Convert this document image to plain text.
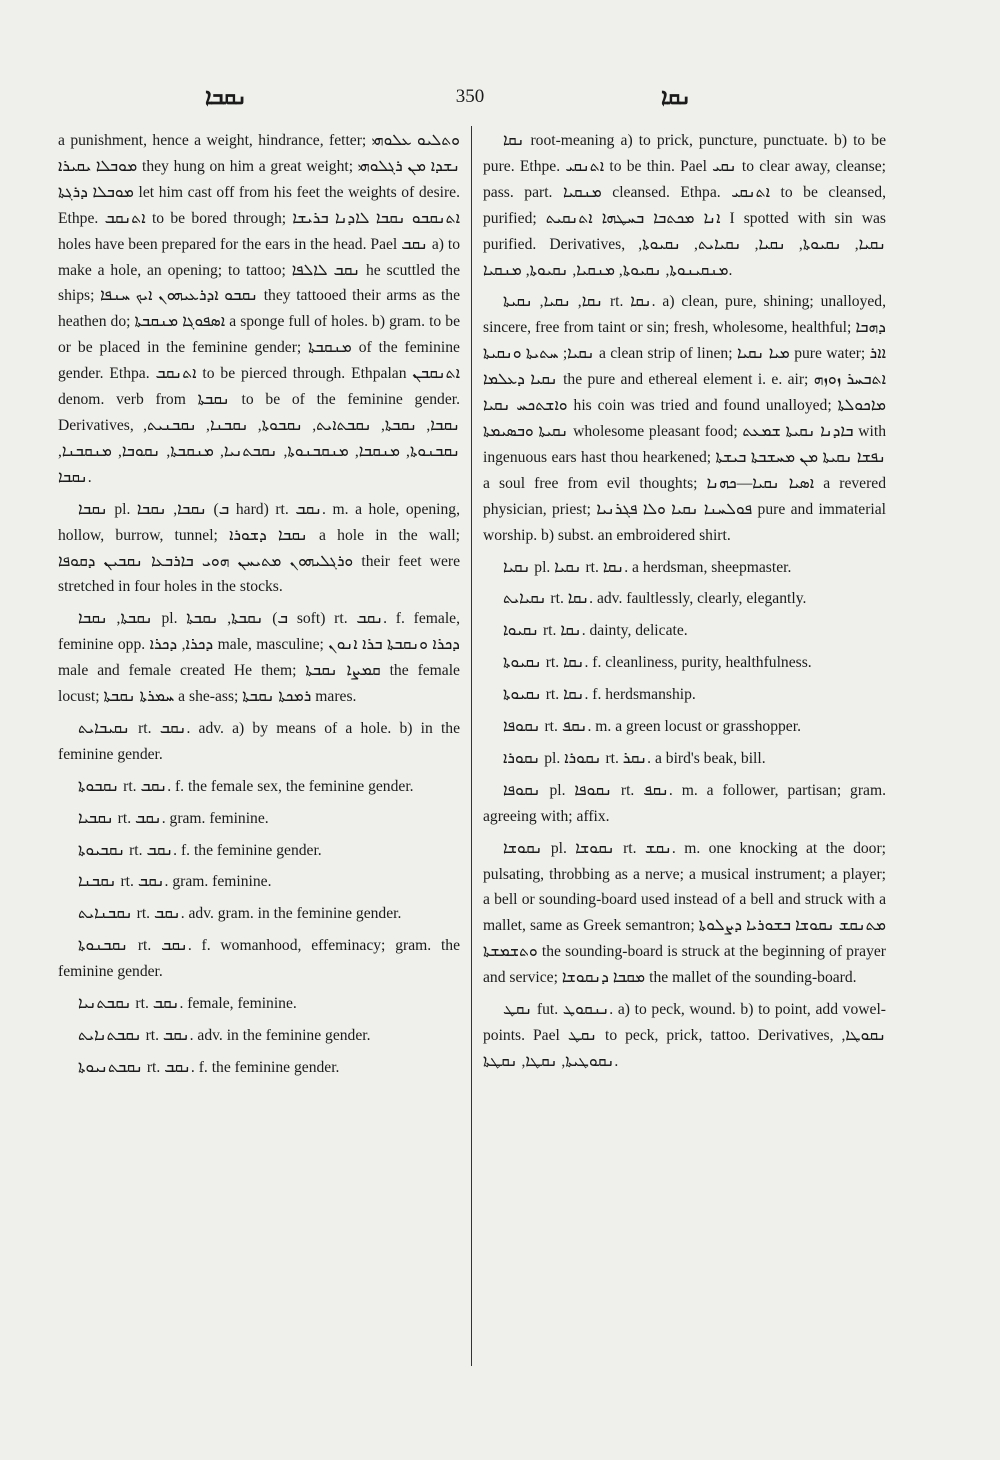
ܢܩܒܐ	350	ܢܩܐ

a punishment, hence a weight, hindrance, fetter; ܘܬܠܝܘ ܥܠܘܗܝ ܡܘܒܠܐ ܝܩܝܪܐ they hung on him a great weight; ܢܫܕܐ ܡܢ ܪܓܠܘܗܝ ܡܘܒܠܐ ܕܪܓܬܐ let him cast off from his feet the weights of desire. Ethpe. ܐܬܢܩܒ to be bored through; ܐܬܢܩܒܘ ܢܩܒܐ ܠܐܕܢܐ ܒܪܝܫܐ holes have been prepared for the ears in the head. Pael ܢܩܒ a) to make a hole, an opening; to tattoo; ܢܩܒ ܠܐܠܦܐ he scuttled the ships; ܢܩܒܘ ܐܕܪܥܝܗܘܢ ܐܝܟ ܚܢܦܐ they tattooed their arms as the heathen do; ܐܣܦܘܓܐ ܡܢܩܒܬܐ a sponge full of holes. b) gram. to be or be placed in the feminine gender; ܡܢܩܒܬܐ of the feminine gender. Ethpa. ܐܬܢܩܒ to be pierced through. Ethpalan ܐܬܢܩܒܢ denom. verb from ܢܩܒܬܐ to be of the feminine gender. Derivatives, ܢܩܒܐ, ܢܩܒܬܐ, ܢܩܒܬܐܝܬ, ܢܩܒܘܬܐ, ܢܩܒܢܐ, ܢܩܒܢܝܬ, ܢܩܒܢܘܬܐ, ܡܢܩܒܐ, ܡܢܩܒܢܘܬܐ, ܢܩܒܬܢܝܐ, ܡܢܩܒܬܐ, ܢܩܘܒܐ, ܡܢܩܒܢܐ, ܢܩܒܐ.

ܢܩܒܐ pl. ܢܩܒܐ, ܢܩܒܐ (ܒ hard) rt. ܢܩܒ. m. a hole, opening, hollow, burrow, tunnel; ܢܩܒܐ ܕܫܘܪܐ a hole in the wall; ܘܪܓܠܝܗܘܢ ܡܬܝܚܢ ܗܘܝ ܒܐܪܒܥܐ ܢܩܒܝܢ ܕܩܘܦܐ their feet were stretched in four holes in the stocks.

ܢܩܒܬܐ, ܢܩܒܐ pl. ܢܩܒܬܐ, ܢܩܒܬܐ (ܒ soft) rt. ܢܩܒ. f. female, feminine opp. ܕܟܪܐ, ܕܟܪܐ male, masculine; ܕܟܪܐ ܘܢܩܒܬܐ ܒܪܐ ܐܢܘܢ male and female created He them; ܩܡܨܐ ܢܩܒܬܐ the female locust; ܚܡܪܬܐ ܢܩܒܬܐ a she-ass; ܪܡܟܬܐ ܢܩܒܬܐ mares.

ܢܩܝܒܐܝܬ rt. ܢܩܒ. adv. a) by means of a hole. b) in the feminine gender.

ܢܩܒܘܬܐ rt. ܢܩܒ. f. the female sex, the feminine gender.

ܢܩܒܝܐ rt. ܢܩܒ. gram. feminine.

ܢܩܒܝܘܬܐ rt. ܢܩܒ. f. the feminine gender.

ܢܩܒܢܐ rt. ܢܩܒ. gram. feminine.

ܢܩܒܢܐܝܬ rt. ܢܩܒ. adv. gram. in the feminine gender.

ܢܩܒܢܘܬܐ rt. ܢܩܒ. f. womanhood, effeminacy; gram. the feminine gender.

ܢܩܒܬܢܝܐ rt. ܢܩܒ. female, feminine.

ܢܩܒܬܢܐܝܬ rt. ܢܩܒ. adv. in the feminine gender.

ܢܩܒܬܢܝܘܬܐ rt. ܢܩܒ. f. the feminine gender.

ܢܩܐ root-meaning a) to prick, puncture, punctuate. b) to be pure. Ethpe. ܐܬܢܩܝ to be thin. Pael ܢܩܝ to clear away, cleanse; pass. part. ܡܢܩܝܐ cleansed. Ethpa. ܐܬܢܩܝ to be cleansed, purified; ܐܢܐ ܡܟܬܒܐ ܒܚܛܗܐ ܐܬܢܩܝܬ I spotted with sin was purified. Derivatives, ܢܩܝܐ, ܢܩܝܘܬܐ, ܢܩܝܐ, ܢܩܝܐܝܬ, ܢܩܝܘܬܐ, ܡܢܩܝܢܘܬܐ, ܢܩܝܘܬܐ, ܡܢܩܝܐ, ܢܩܝܘܬܐ, ܡܢܩܝܐ.

ܢܩܐ, ܢܩܝܐ, ܢܩܝܬܐ rt. ܢܩܐ. a) clean, pure, shining; unalloyed, sincere, free from taint or sin; fresh, wholesome, healthful; ܕܗܒܐ ܢܩܝܐ; ܚܬܝܬܐ ܘܢܩܝܬܐ a clean strip of linen; ܡܝܐ ܢܩܝܐ pure water; ܐܐܪ ܢܩܝܐ ܕܥܠܡܐ the pure and ethereal element i. e. air; ܐܬܒܚܪ ܙܘܙܗ ܘܐܫܬܟܚ ܢܩܝܐ his coin was tried and found unalloyed; ܡܐܟܘܠܬܐ ܢܩܝܬܐ ܘܒܣܝܡܬܐ wholesome pleasant food; ܒܐܕܢܐ ܢܩܝܬܐ ܫܡܥܬ with ingenuous ears hast thou hearkened; ܢܦܫܐ ܢܩܝܬܐ ܡܢ ܡܚܫܒܬܐ ܒܝܫܬܐ a soul free from evil thoughts; ܐܣܝܐ ܢܩܝܐ—ܟܗܢܐ a revered physician, priest; ܦܘܠܚܢܐ ܢܩܝܐ ܘܠܐ ܦܓܪܢܝܐ pure and immaterial worship. b) subst. an embroidered shirt.

ܢܩܝܐ pl. ܢܩܝܐ rt. ܢܩܐ. a herdsman, sheepmaster.

ܢܩܝܐܝܬ rt. ܢܩܐ. adv. faultlessly, clearly, elegantly.

ܢܩܝܘܐ rt. ܢܩܐ. dainty, delicate.

ܢܩܝܘܬܐ rt. ܢܩܐ. f. cleanliness, purity, healthfulness.

ܢܩܝܘܬܐ rt. ܢܩܐ. f. herdsmanship.

ܢܩܘܦܐ rt. ܢܩܦ. m. a green locust or grasshopper.

ܢܩܘܪܐ pl. ܢܩܘܪܐ rt. ܢܩܪ. a bird's beak, bill.

ܢܩܘܦܐ pl. ܢܩܘܦܐ rt. ܢܩܦ. m. a follower, partisan; gram. agreeing with; affix.

ܢܩܘܫܐ pl. ܢܩܘܫܐ rt. ܢܩܫ. m. one knocking at the door; pulsating, throbbing as a nerve; a musical instrument; a player; a bell or sounding-board used instead of a bell and struck with a mallet, same as Greek semantron; ܡܬܢܩܫ ܢܩܘܫܐ ܒܫܘܪܝܐ ܕܨܠܘܬܐ ܘܬܫܡܫܬܐ the sounding-board is struck at the beginning of prayer and service; ܡܩܒܐ ܕܢܩܘܫܐ the mallet of the sounding-board.

ܢܩܛ fut. ܢܢܩܘܛ. a) to peck, wound. b) to point, add vowel-points. Pael ܢܩܛ to peck, prick, tattoo. Derivatives, ܢܩܘܛܐ, ܢܩܘܛܝܬܐ, ܢܩܛܐ, ܢܩܛܬܐ.
